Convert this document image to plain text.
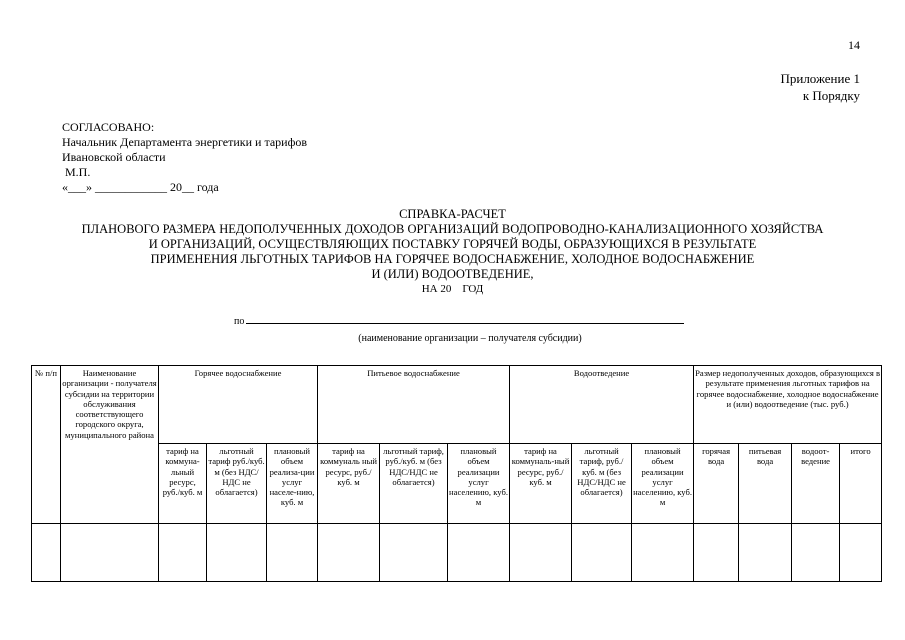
14
Приложение 1
к Порядку
СОГЛАСОВАНО:
Начальник Департамента энергетики и тарифов
Ивановской области
М.П.
«___» ____________ 20__ года
СПРАВКА-РАСЧЕТ
ПЛАНОВОГО РАЗМЕРА НЕДОПОЛУЧЕННЫХ ДОХОДОВ ОРГАНИЗАЦИЙ ВОДОПРОВОДНО-КАНАЛИЗАЦИОННОГО ХОЗЯЙСТВА
И ОРГАНИЗАЦИЙ, ОСУЩЕСТВЛЯЮЩИХ ПОСТАВКУ ГОРЯЧЕЙ ВОДЫ, ОБРАЗУЮЩИХСЯ В РЕЗУЛЬТАТЕ
ПРИМЕНЕНИЯ ЛЬГОТНЫХ ТАРИФОВ НА ГОРЯЧЕЕ ВОДОСНАБЖЕНИЕ, ХОЛОДНОЕ ВОДОСНАБЖЕНИЕ
И (ИЛИ) ВОДООТВЕДЕНИЕ,
НА 20    ГОД
по
(наименование организации – получателя субсидии)
№ п/п	Наименование организации - получателя субсидии на территории обслуживания соответствующего городского округа, муниципального района	Горячее водоснабжение			Питьевое водоснабжение			Водоотведение			Размер недополученных доходов, образующихся в результате применения льготных тарифов на горячее водоснабжение, холодное водоснабжение и (или) водоотведение (тыс. руб.)			
		тариф на коммуна-льный ресурс, руб./куб. м	льготный тариф руб./куб. м (без НДС/НДС не облагается)	плановый объем реализа-ции услуг населе-нию, куб. м	тариф на коммуналь ный ресурс, руб./куб. м	льготный тариф, руб./куб. м (без НДС/НДС не облагается)	плановый объем реализации услуг населению, куб. м	тариф на коммуналь-ный ресурс, руб./куб. м	льготный тариф, руб./куб. м (без НДС/НДС не облагается)	плановый объем реализации услуг населению, куб. м	горячая вода	питьевая вода	водоот-ведение	итого
